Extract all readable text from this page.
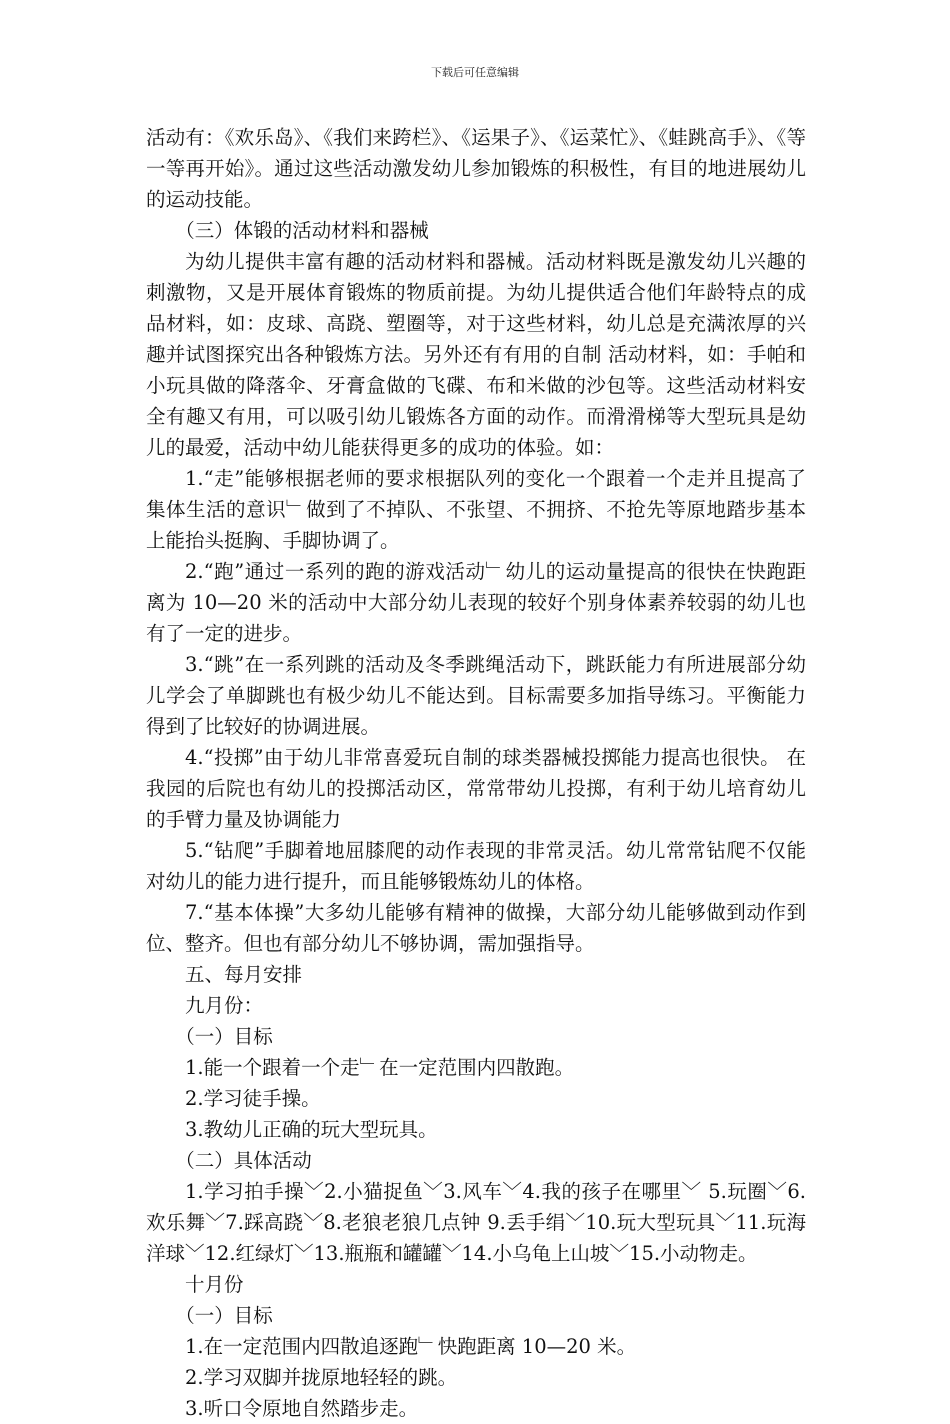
下载后可任意编辑

活动有：《欢乐岛》、《我们来跨栏》、《运果子》、《运菜忙》、《蛙跳高手》、《等一等再开始》。通过这些活动激发幼儿参加锻炼的积极性，有目的地进展幼儿的运动技能。

（三）体锻的活动材料和器械

为幼儿提供丰富有趣的活动材料和器械。活动材料既是激发幼儿兴趣的刺激物，又是开展体育锻炼的物质前提。为幼儿提供适合他们年龄特点的成品材料，如：皮球、高跷、塑圈等，对于这些材料，幼儿总是充满浓厚的兴趣并试图探究出各种锻炼方法。另外还有有用的自制 活动材料，如：手帕和小玩具做的降落伞、牙膏盒做的飞碟、布和米做的沙包等。这些活动材料安全有趣又有用，可以吸引幼儿锻炼各方面的动作。而滑滑梯等大型玩具是幼儿的最爱，活动中幼儿能获得更多的成功的体验。如：

1.“走”能够根据老师的要求根据队列的变化一个跟着一个走并且提高了集体生活的意识﹂做到了不掉队、不张望、不拥挤、不抢先等原地踏步基本上能抬头挺胸、手脚协调了。

2.“跑”通过一系列的跑的游戏活动﹂幼儿的运动量提高的很快在快跑距离为 10—20 米的活动中大部分幼儿表现的较好个别身体素养较弱的幼儿也有了一定的进步。

3.“跳”在一系列跳的活动及冬季跳绳活动下，跳跃能力有所进展部分幼儿学会了单脚跳也有极少幼儿不能达到。目标需要多加指导练习。平衡能力得到了比较好的协调进展。

4.“投掷”由于幼儿非常喜爱玩自制的球类器械投掷能力提高也很快。 在我园的后院也有幼儿的投掷活动区，常常带幼儿投掷，有利于幼儿培育幼儿的手臂力量及协调能力

5.“钻爬”手脚着地屈膝爬的动作表现的非常灵活。幼儿常常钻爬不仅能对幼儿的能力进行提升，而且能够锻炼幼儿的体格。

7.“基本体操”大多幼儿能够有精神的做操，大部分幼儿能够做到动作到位、整齐。但也有部分幼儿不够协调，需加强指导。

五、每月安排

九月份：

（一）目标

1.能一个跟着一个走﹂在一定范围内四散跑。

2.学习徒手操。

3.教幼儿正确的玩大型玩具。

（二）具体活动

1.学习拍手操﹀2.小猫捉鱼﹀3.风车﹀4.我的孩子在哪里﹀ 5.玩圈﹀6.欢乐舞﹀7.踩高跷﹀8.老狼老狼几点钟 9.丢手绢﹀10.玩大型玩具﹀11.玩海洋球﹀12.红绿灯﹀13.瓶瓶和罐罐﹀14.小乌龟上山坡﹀15.小动物走。

十月份

（一）目标

1.在一定范围内四散追逐跑﹂快跑距离 10—20 米。

2.学习双脚并拢原地轻轻的跳。

3.听口令原地自然踏步走。
